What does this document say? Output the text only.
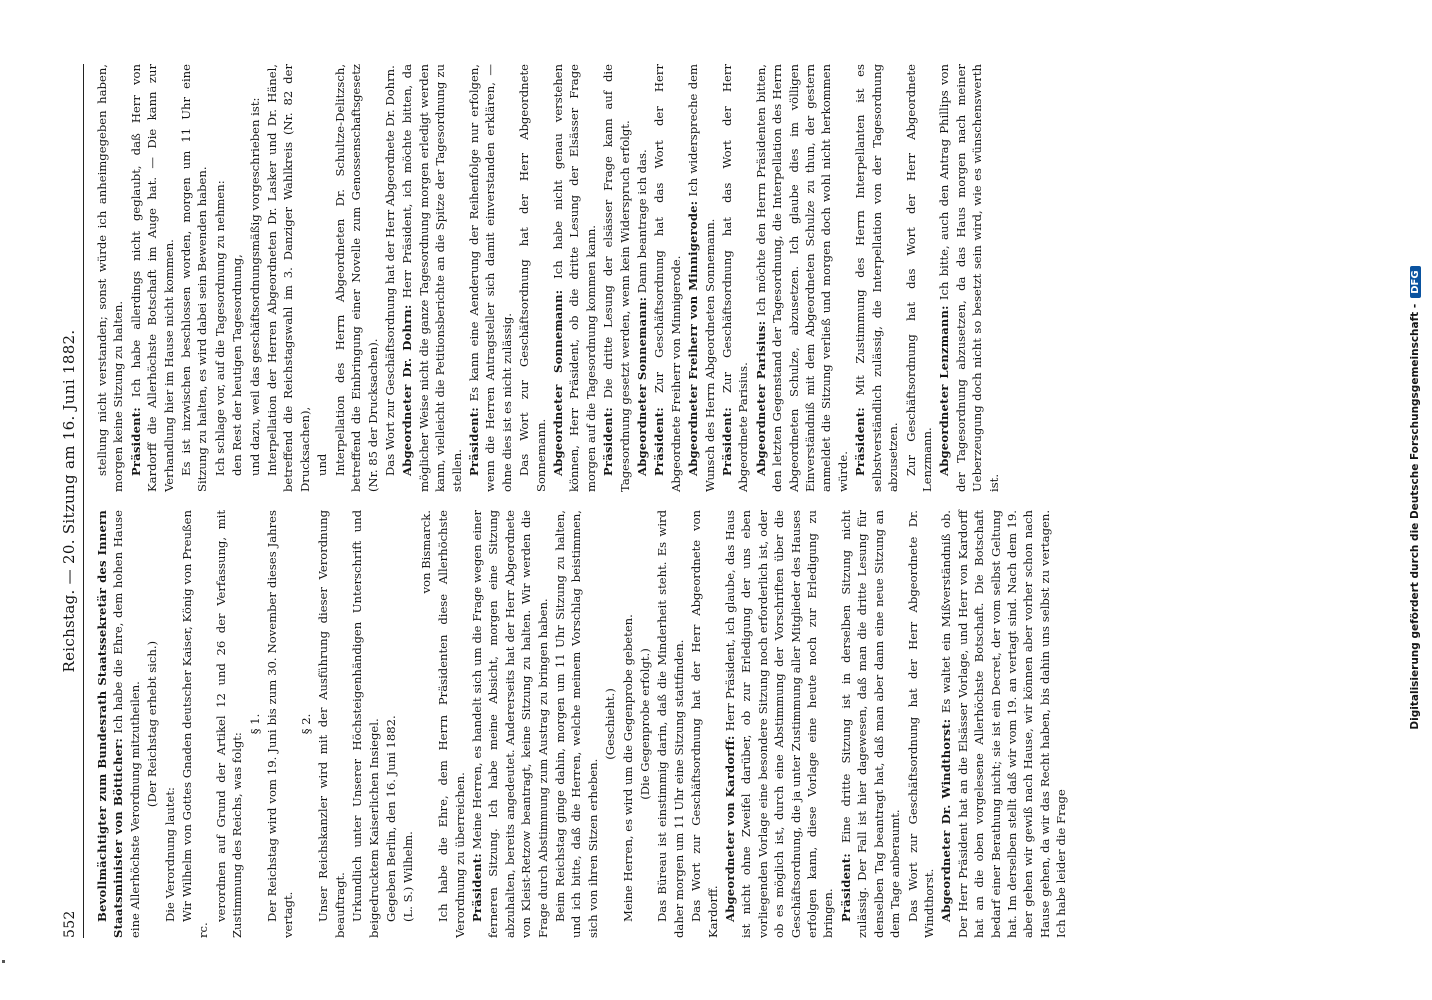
552
Reichstag. — 20. Sitzung am 16. Juni 1882.

Bevollmächtigter zum Bundesrath Staatssekretär des Innern Staatsminister von Bötticher: Ich habe die Ehre, dem hohen Hause eine Allerhöchste Verordnung mitzutheilen. (Der Reichstag erhebt sich.)

Die Verordnung lautet: Wir Wilhelm von Gottes Gnaden deutscher Kaiser, König von Preußen rc.

verordnen auf Grund der Artikel 12 und 26 der Verfassung, mit Zustimmung des Reichs, was folgt:

§ 1. Der Reichstag wird vom 19. Juni bis zum 30. November dieses Jahres vertagt.

§ 2. Unser Reichskanzler wird mit der Ausführung dieser Verordnung beauftragt. Urkundlich unter Unserer Höchsteigenhändigen Unterschrift und beigedrucktem Kaiserlichen Insiegel. Gegeben Berlin, den 16. Juni 1882. (L. S.) Wilhelm.

von Bismarck. Ich habe die Ehre, dem Herrn Präsidenten diese Allerhöchste Verordnung zu überreichen. Präsident: Meine Herren, es handelt sich um die Frage wegen einer ferneren Sitzung. Ich habe meine Absicht, morgen eine Sitzung abzuhalten, bereits angedeutet. Andererseits hat der Herr Abgeordnete von Kleist-Retzow beantragt, keine Sitzung zu halten. Wir werden die Frage durch Abstimmung zum Austrag zu bringen haben. Beim Reichstag ginge dahin, morgen um 11 Uhr Sitzung zu halten, und ich bitte, daß die Herren, welche meinem Vorschlag beistimmen, sich von ihren Sitzen erheben.

(Geschieht.) Meine Herren, es wird um die Gegenprobe gebeten. (Die Gegenprobe erfolgt.) Das Büreau ist einstimmig darin, daß die Minderheit steht. Es wird daher morgen um 11 Uhr eine Sitzung stattfinden. Das Wort zur Geschäftsordnung hat der Herr Abgeordnete von Kardorff. Abgeordneter von Kardorff: Herr Präsident, ich glaube, das Haus ist nicht ohne Zweifel darüber, ob zur Erledigung der uns eben vorliegenden Vorlage eine besondere Sitzung noch erforderlich ist, oder ob es möglich ist, durch eine Abstimmung der Vorschriften über die Geschäftsordnung, die ja unter Zustimmung aller Mitglieder des Hauses erfolgen kann, diese Vorlage eine heute noch zur Erledigung zu bringen. Präsident: Eine dritte Sitzung ist in derselben Sitzung nicht zulässig. Der Fall ist hier dagewesen, daß man die dritte Lesung für denselben Tag beantragt hat, daß man aber dann eine neue Sitzung an dem Tage anberaumt. Das Wort zur Geschäftsordnung hat der Herr Abgeordnete Dr. Windthorst. Abgeordneter Dr. Windthorst: Es waltet ein Mißverständniß ob. Der Herr Präsident hat an die Elsässer Vorlage, und Herr von Kardorff hat an die oben vorgelesene Allerhöchste Botschaft. Die Botschaft bedarf einer Berathung nicht; sie ist ein Decret, der vom selbst Geltung hat. Im derselben stellt daß wir vom 19. an vertagt sind. Nach dem 19. aber gehen wir gewiß nach Hause, wir können aber vorher schon nach Hause gehen, da wir das Recht haben, bis dahin uns selbst zu vertagen. Ich habe leider die Frage

stellung nicht verstanden; sonst würde ich anheimgegeben haben, morgen keine Sitzung zu halten. Präsident: Ich habe allerdings nicht geglaubt, daß Herr von Kardorff die Allerhöchste Botschaft im Auge hat. — Die kann zur Verhandlung hier im Hause nicht kommen. Es ist inzwischen beschlossen worden, morgen um 11 Uhr eine Sitzung zu halten, es wird dabei sein Bewenden haben. Ich schlage vor, auf die Tagesordnung zu nehmen: den Rest der heutigen Tagesordnung, und dazu, weil das geschäftsordnungsmäßig vorgeschrieben ist: Interpellation der Herren Abgeordneten Dr. Lasker und Dr. Hänel, betreffend die Reichstagswahl im 3. Danziger Wahlkreis (Nr. 82 der Drucksachen), und Interpellation des Herrn Abgeordneten Dr. Schultze-Delitzsch, betreffend die Einbringung einer Novelle zum Genossenschaftsgesetz (Nr. 85 der Drucksachen). Das Wort zur Geschäftsordnung hat der Herr Abgeordnete Dr. Dohrn. Abgeordneter Dr. Dohrn: Herr Präsident, ich möchte bitten, da möglicher Weise nicht die ganze Tagesordnung morgen erledigt werden kann, vielleicht die Petitionsberichte an die Spitze der Tagesordnung zu stellen. Präsident: Es kann eine Aenderung der Reihenfolge nur erfolgen, wenn die Herren Antragsteller sich damit einverstanden erklären, — ohne dies ist es nicht zulässig. Das Wort zur Geschäftsordnung hat der Herr Abgeordnete Sonnemann. Abgeordneter Sonnemann: Ich habe nicht genau verstehen können, Herr Präsident, ob die dritte Lesung der Elsässer Frage morgen auf die Tagesordnung kommen kann. Präsident: Die dritte Lesung der elsässer Frage kann auf die Tagesordnung gesetzt werden, wenn kein Widerspruch erfolgt. Abgeordneter Sonnemann: Dann beantrage ich das.

Präsident: Zur Geschäftsordnung hat das Wort der Herr Abgeordnete Freiherr von Minnigerode. Abgeordneter Freiherr von Minnigerode: Ich widerspreche dem Wunsch des Herrn Abgeordneten Sonnemann. Präsident: Zur Geschäftsordnung hat das Wort der Herr Abgeordnete Parisius. Abgeordneter Parisius: Ich möchte den Herrn Präsidenten bitten, den letzten Gegenstand der Tagesordnung, die Interpellation des Herrn Abgeordneten Schulze, abzusetzen. Ich glaube dies im völligen Einverständniß mit dem Abgeordneten Schulze zu thun, der gestern anmeldet die Sitzung verließ und morgen doch wohl nicht herkommen würde. Präsident: Mit Zustimmung des Herrn Interpellanten ist es selbstverständlich zulässig, die Interpellation von der Tagesordnung abzusetzen. Zur Geschäftsordnung hat das Wort der Herr Abgeordnete Lenzmann. Abgeordneter Lenzmann: Ich bitte, auch den Antrag Phillips von der Tagesordnung abzusetzen, da das Haus morgen nach meiner Ueberzeugung doch nicht so besetzt sein wird, wie es wünschenswerth ist.	Digitalisierung gefördert durch die Deutsche Forschungsgemeinschaft -DFG
